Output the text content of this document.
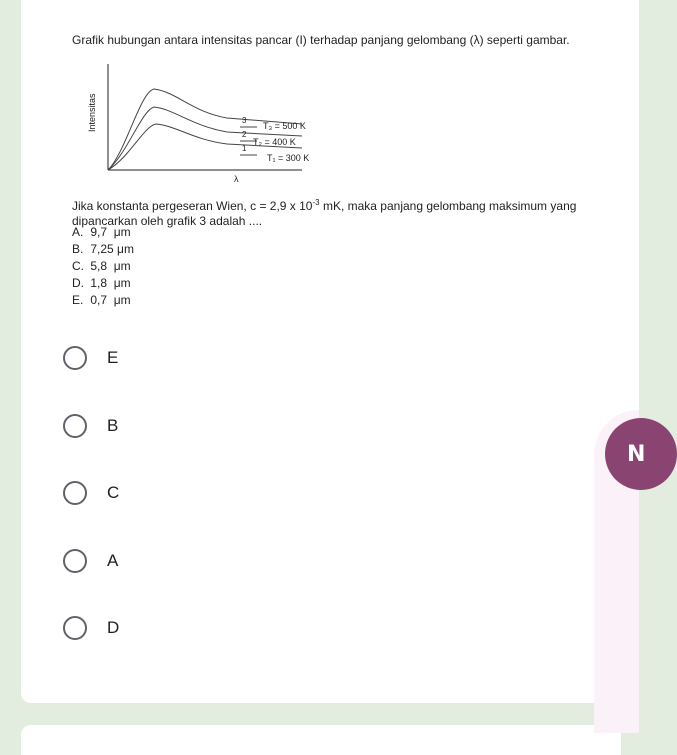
Grafik hubungan antara intensitas pancar (I) terhadap panjang gelombang (λ) seperti gambar.
Intensitas	3
2
1
T₃ = 500 K
T₂ = 400 K
T₁ = 300 K
λ
Jika konstanta pergeseran Wien, c = 2,9 x $10^{-3}$ mK, maka panjang gelombang maksimum yang dipancarkan oleh grafik 3 adalah ....
A. 9,7  μm
B. 7,25 μm
C. 5,8  μm
D. 1,8  μm
E. 0,7  μm
E
B
C
A
D
N
